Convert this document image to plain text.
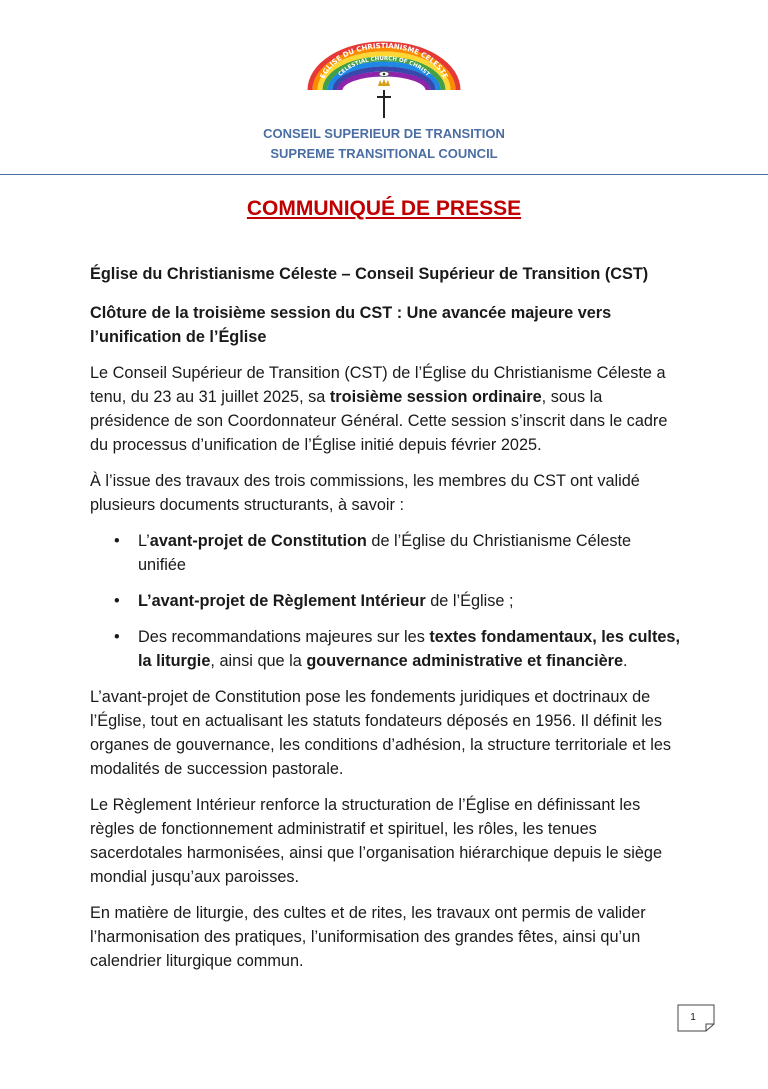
EGLISE DU CHRISTIANISME CELESTE
CELESTIAL CHURCH OF CHRIST
CONSEIL SUPERIEUR DE TRANSITION
SUPREME TRANSITIONAL COUNCIL
COMMUNIQUÉ DE PRESSE

Église du Christianisme Céleste – Conseil Supérieur de Transition (CST)

Clôture de la troisième session du CST : Une avancée majeure vers l’unification de l’Église

Le Conseil Supérieur de Transition (CST) de l’Église du Christianisme Céleste a tenu, du 23 au 31 juillet 2025, sa troisième session ordinaire, sous la présidence de son Coordonnateur Général. Cette session s’inscrit dans le cadre du processus d’unification de l’Église initié depuis février 2025.

À l’issue des travaux des trois commissions, les membres du CST ont validé plusieurs documents structurants, à savoir :

• L’avant-projet de Constitution de l’Église du Christianisme Céleste unifiée
• L’avant-projet de Règlement Intérieur de l’Église ;
• Des recommandations majeures sur les textes fondamentaux, les cultes, la liturgie, ainsi que la gouvernance administrative et financière.

L’avant-projet de Constitution pose les fondements juridiques et doctrinaux de l’Église, tout en actualisant les statuts fondateurs déposés en 1956. Il définit les organes de gouvernance, les conditions d’adhésion, la structure territoriale et les modalités de succession pastorale.

Le Règlement Intérieur renforce la structuration de l’Église en définissant les règles de fonctionnement administratif et spirituel, les rôles, les tenues sacerdotales harmonisées, ainsi que l’organisation hiérarchique depuis le siège mondial jusqu’aux paroisses.

En matière de liturgie, des cultes et de rites, les travaux ont permis de valider l’harmonisation des pratiques, l’uniformisation des grandes fêtes, ainsi qu’un calendrier liturgique commun.

1
